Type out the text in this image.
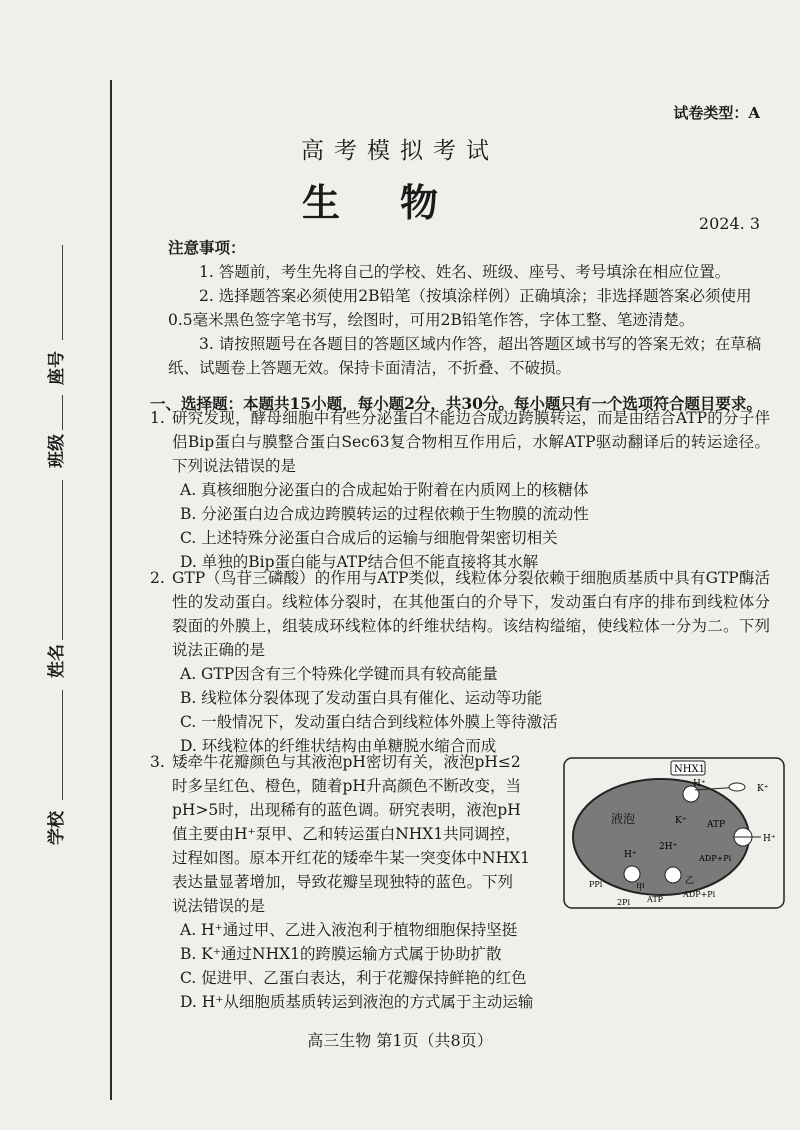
座号
班级
姓名
学校
试卷类型：A
高考模拟考试
生物	2024. 3
注意事项：
1. 答题前，考生先将自己的学校、姓名、班级、座号、考号填涂在相应位置。
2. 选择题答案必须使用2B铅笔（按填涂样例）正确填涂；非选择题答案必须使用0.5毫米黑色签字笔书写，绘图时，可用2B铅笔作答，字体工整、笔迹清楚。
3. 请按照题号在各题目的答题区域内作答，超出答题区域书写的答案无效；在草稿纸、试题卷上答题无效。保持卡面清洁，不折叠、不破损。
一、选择题：本题共15小题，每小题2分，共30分。每小题只有一个选项符合题目要求。
1. 研究发现，酵母细胞中有些分泌蛋白不能边合成边跨膜转运，而是由结合ATP的分子伴侣Bip蛋白与膜整合蛋白Sec63复合物相互作用后，水解ATP驱动翻译后的转运途径。下列说法错误的是
A. 真核细胞分泌蛋白的合成起始于附着在内质网上的核糖体
B. 分泌蛋白边合成边跨膜转运的过程依赖于生物膜的流动性
C. 上述特殊分泌蛋白合成后的运输与细胞骨架密切相关
D. 单独的Bip蛋白能与ATP结合但不能直接将其水解
2. GTP（鸟苷三磷酸）的作用与ATP类似，线粒体分裂依赖于细胞质基质中具有GTP酶活性的发动蛋白。线粒体分裂时，在其他蛋白的介导下，发动蛋白有序的排布到线粒体分裂面的外膜上，组装成环线粒体的纤维状结构。该结构缢缩，使线粒体一分为二。下列说法正确的是
A. GTP因含有三个特殊化学键而具有较高能量
B. 线粒体分裂体现了发动蛋白具有催化、运动等功能
C. 一般情况下，发动蛋白结合到线粒体外膜上等待激活
D. 环线粒体的纤维状结构由单糖脱水缩合而成
3. 矮牵牛花瓣颜色与其液泡pH密切有关，液泡pH≤2
时多呈红色、橙色，随着pH升高颜色不断改变，当
pH>5时，出现稀有的蓝色调。研究表明，液泡pH
值主要由H⁺泵甲、乙和转运蛋白NHX1共同调控，
过程如图。原本开红花的矮牵牛某一突变体中NHX1
表达量显著增加，导致花瓣呈现独特的蓝色。下列
说法错误的是
A. H⁺通过甲、乙进入液泡利于植物细胞保持坚挺
B. K⁺通过NHX1的跨膜运输方式属于协助扩散
C. 促进甲、乙蛋白表达，利于花瓣保持鲜艳的红色
D. H⁺从细胞质基质转运到液泡的方式属于主动运输
液泡
NHX1
H⁺
K⁺
K⁺
ATP
H⁺
ADP+Pi
H⁺
2H⁺
甲
PPi
2Pi
乙
ATP
ADP+Pi
高三生物 第1页（共8页）
